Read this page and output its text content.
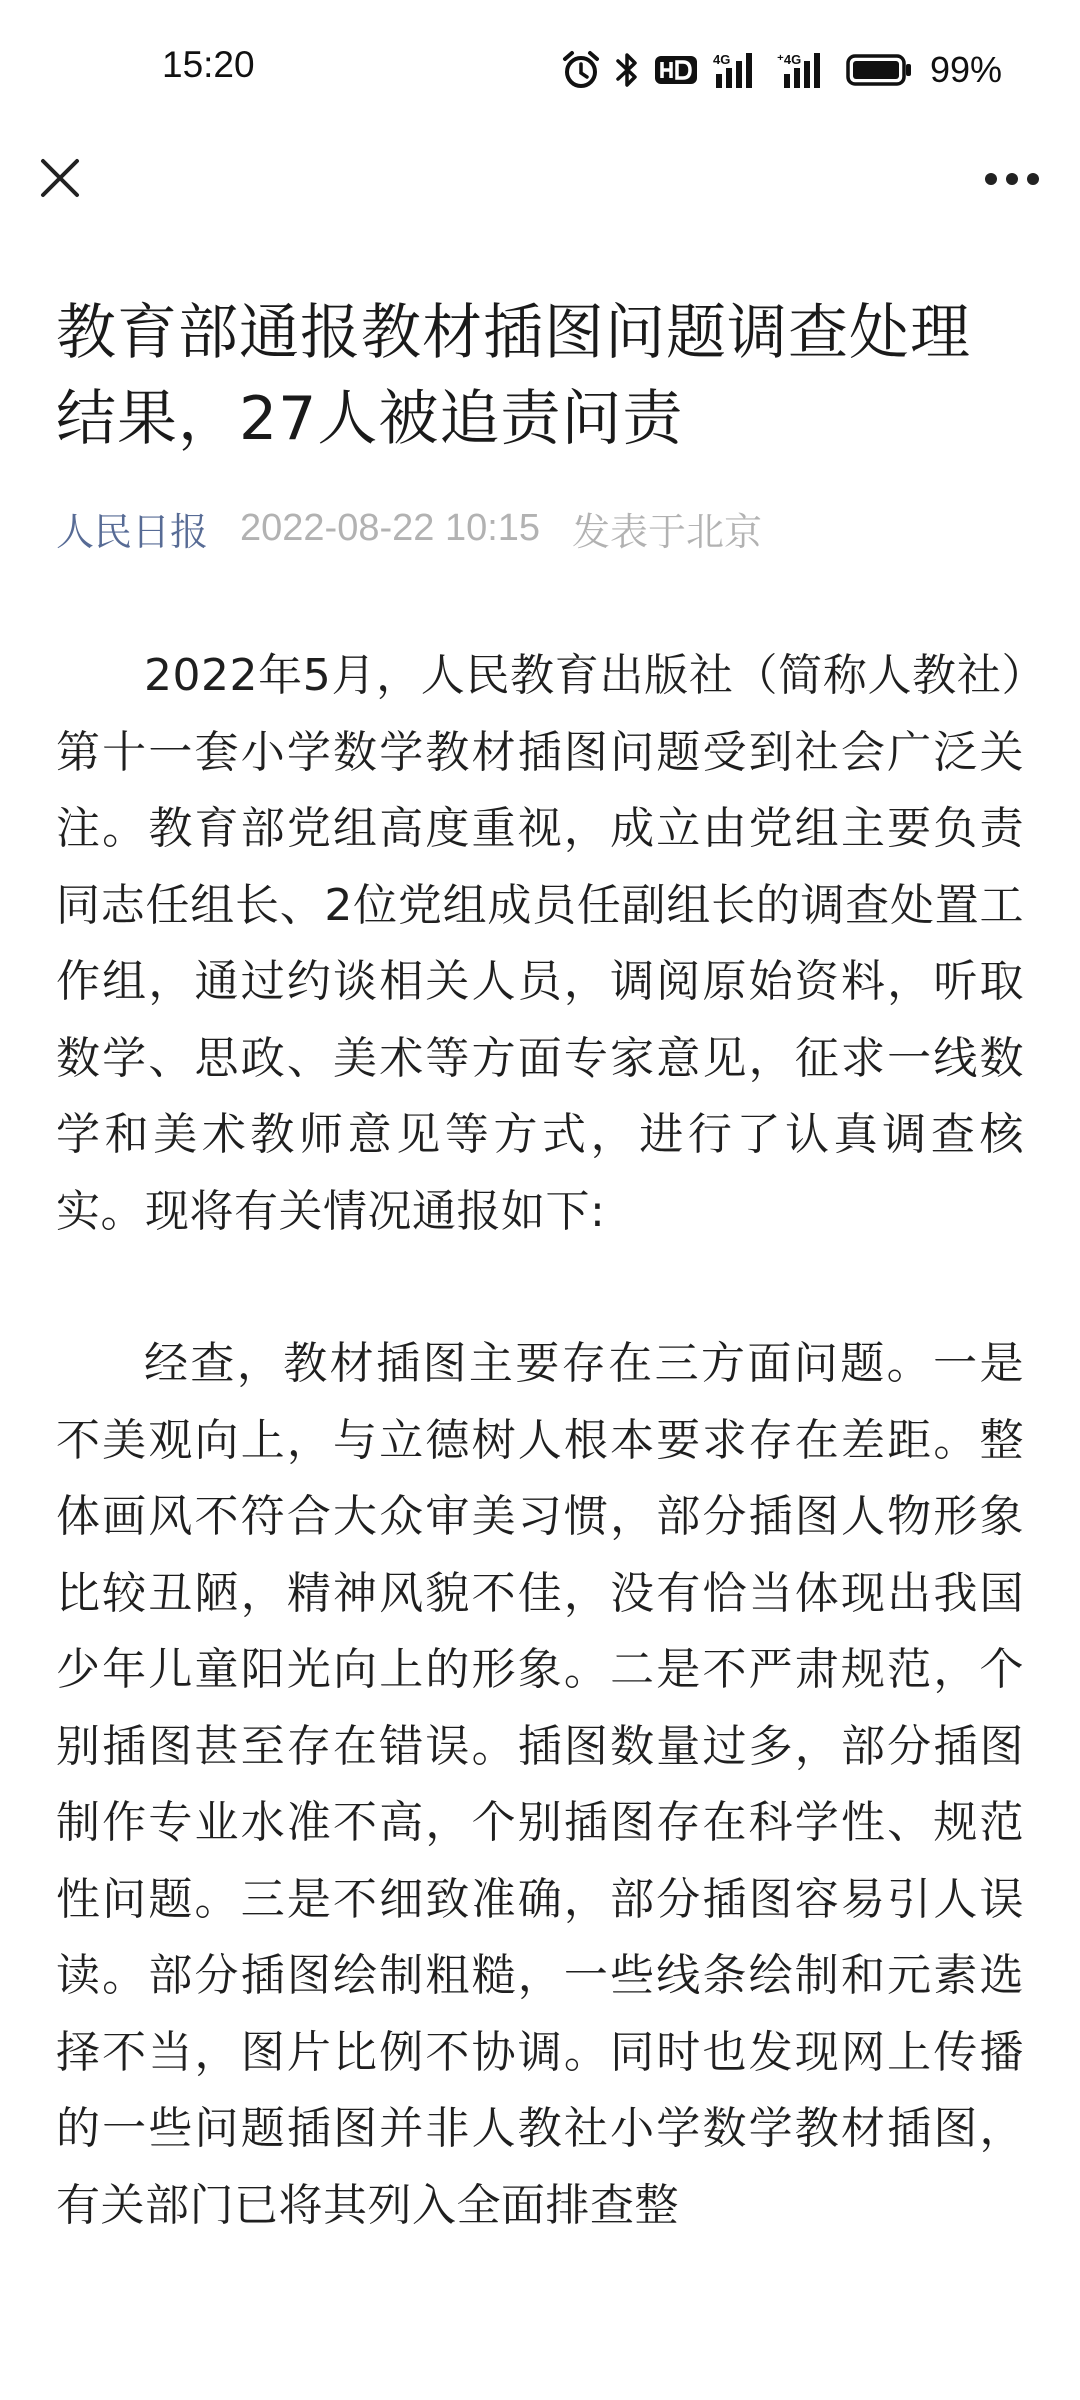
15:20	4G	⁺4G	99%
教育部通报教材插图问题调查处理结果，27人被追责问责
人民日报 2022-08-22 10:15 发表于北京

2022年5月，人民教育出版社（简称人教社）第十一套小学数学教材插图问题受到社会广泛关注。教育部党组高度重视，成立由党组主要负责同志任组长、2位党组成员任副组长的调查处置工作组，通过约谈相关人员，调阅原始资料，听取数学、思政、美术等方面专家意见，征求一线数学和美术教师意见等方式，进行了认真调查核实。现将有关情况通报如下:

经查，教材插图主要存在三方面问题。一是不美观向上，与立德树人根本要求存在差距。整体画风不符合大众审美习惯，部分插图人物形象比较丑陋，精神风貌不佳，没有恰当体现出我国少年儿童阳光向上的形象。二是不严肃规范，个别插图甚至存在错误。插图数量过多，部分插图制作专业水准不高，个别插图存在科学性、规范性问题。三是不细致准确，部分插图容易引人误读。部分插图绘制粗糙，一些线条绘制和元素选择不当，图片比例不协调。同时也发现网上传播的一些问题插图并非人教社小学数学教材插图，有关部门已将其列入全面排查整
